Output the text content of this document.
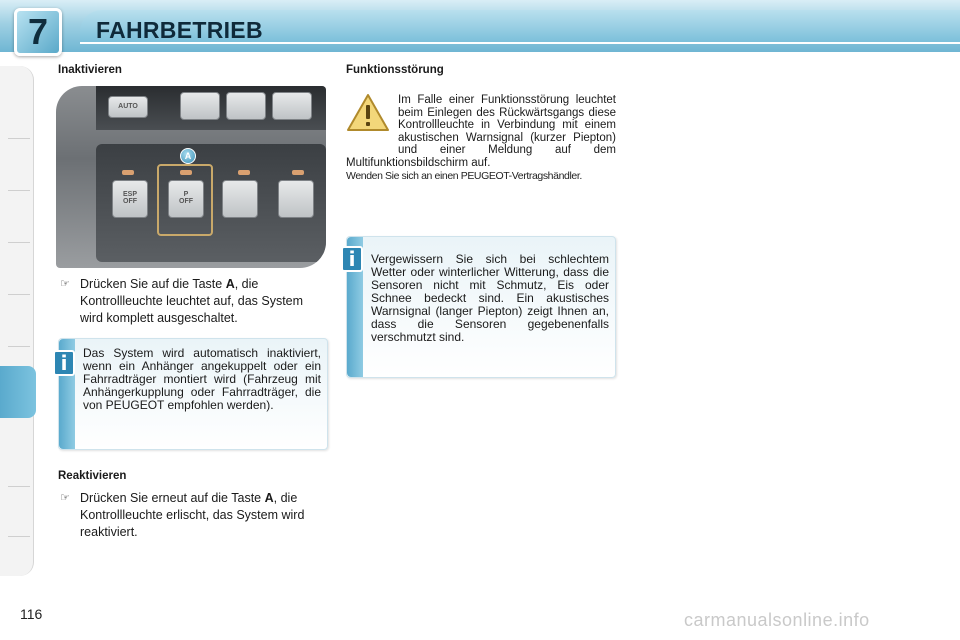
7	FAHRBETRIEB
Inaktivieren
AUTO
ESP
OFF
P
OFF
A
☞ Drücken Sie auf die Taste A, die Kontrollleuchte leuchtet auf, das System wird komplett ausgeschaltet.
Das System wird automatisch inaktiviert, wenn ein Anhänger angekuppelt oder ein Fahrradträger montiert wird (Fahrzeug mit Anhängerkupplung oder Fahrradträger, die von PEUGEOT empfohlen werden).
i
Reaktivieren
☞ Drücken Sie erneut auf die Taste A, die Kontrollleuchte erlischt, das System wird reaktiviert.
Funktionsstörung
Im Falle einer Funktionsstörung leuchtet beim Einlegen des Rückwärtsgangs diese Kontrollleuchte in Verbindung mit einem akustischen Warnsignal (kurzer Piepton) und einer Meldung auf dem Multifunktionsbildschirm auf.
Wenden Sie sich an einen PEUGEOT-Vertragshändler.
Vergewissern Sie sich bei schlechtem Wetter oder winterlicher Witterung, dass die Sensoren nicht mit Schmutz, Eis oder Schnee bedeckt sind. Ein akustisches Warnsignal (langer Piepton) zeigt Ihnen an, dass die Sensoren gegebenenfalls verschmutzt sind.
i
116	carmanualsonline.info
